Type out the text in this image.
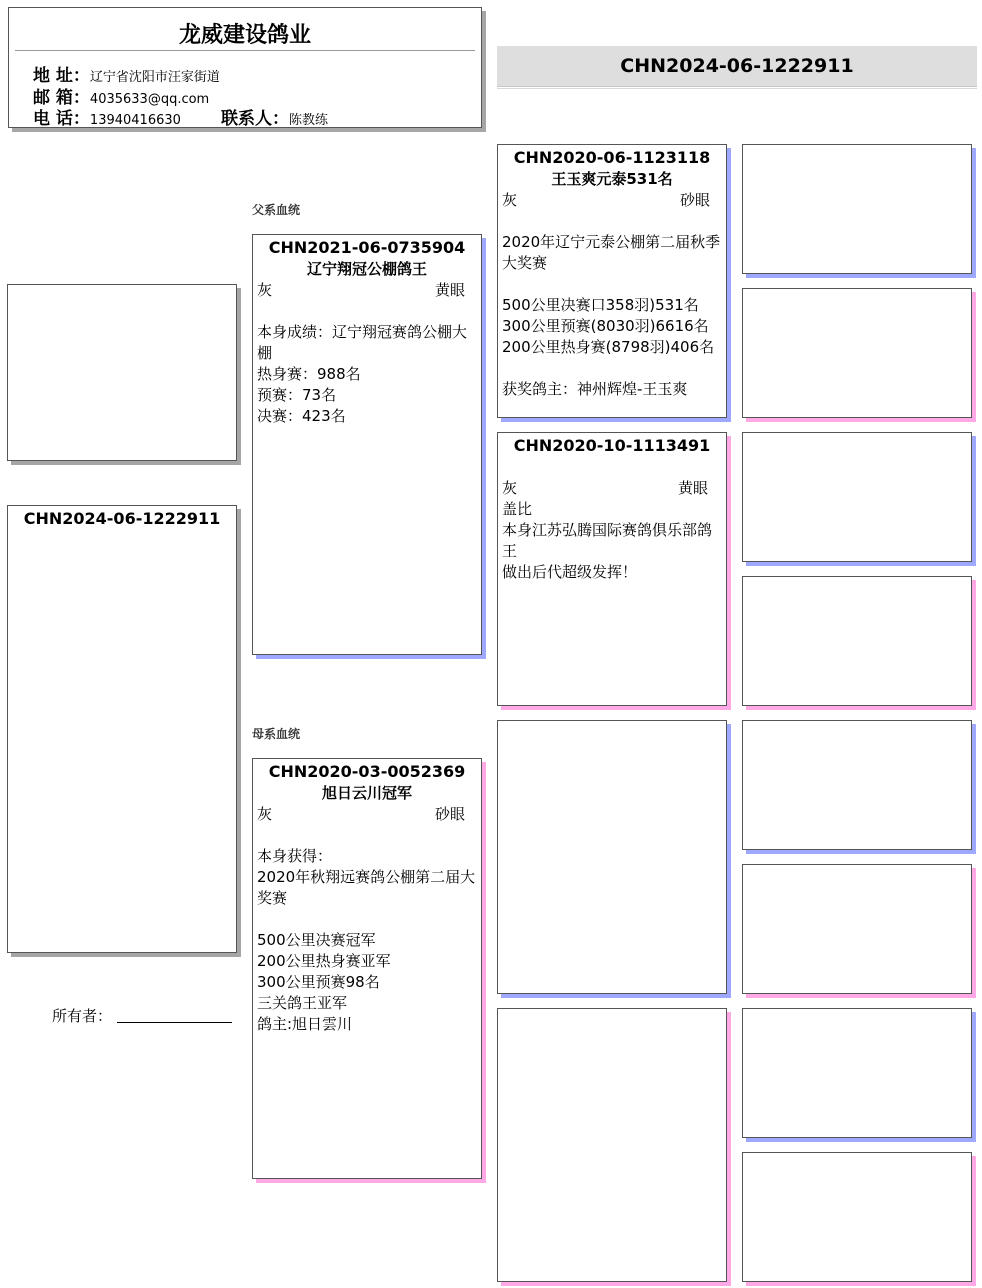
龙威建设鸽业
地 址：辽宁省沈阳市汪家街道
邮 箱：4035633@qq.com
电 话：13940416630 联系人：陈教练
CHN2024-06-1222911
CHN2024-06-1222911
所有者：
父系血统
母系血统
CHN2021-06-0735904
辽宁翔冠公棚鸽王
灰	黄眼
本身成绩：辽宁翔冠赛鸽公棚大棚
热身赛：988名
预赛：73名
决赛：423名
CHN2020-03-0052369
旭日云川冠军
灰	砂眼
本身获得：
2020年秋翔远赛鸽公棚第二届大奖赛
500公里决赛冠军
200公里热身赛亚军
300公里预赛98名
三关鸽王亚军
鸽主:旭日雲川
CHN2020-06-1123118
王玉爽元泰531名
灰	砂眼
2020年辽宁元泰公棚第二届秋季大奖赛
500公里决赛口358羽)531名
300公里预赛(8030羽)6616名
200公里热身赛(8798羽)406名
获奖鸽主：神州辉煌-王玉爽
CHN2020-10-1113491
灰	黄眼
盖比
本身江苏弘腾国际赛鸽俱乐部鸽王
做出后代超级发挥！
